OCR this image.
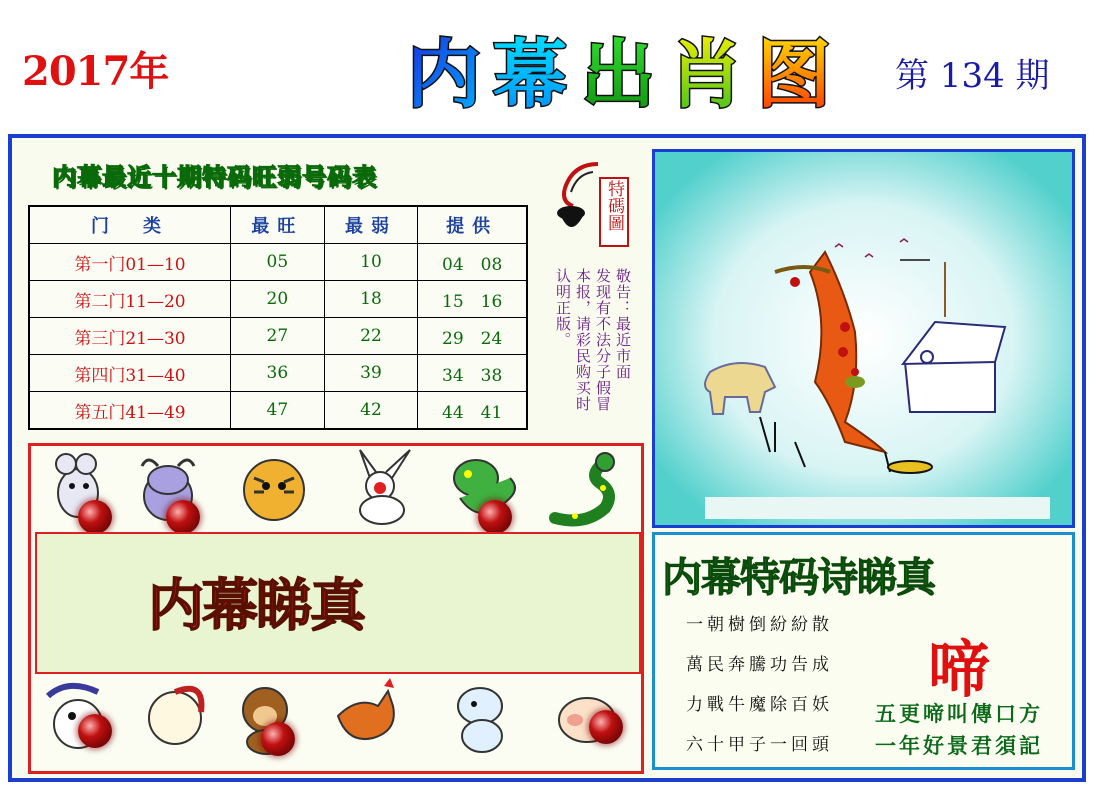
2017年	内 幕 出 肖 图 第 134 期
内幕最近十期特码旺弱号码表
门　类	最旺	最弱	提供
第一门01—10	05	10	04　08
第二门11—20	20	18	15　16
第三门21—30	27	22	29　24
第四门31—40	36	39	34　38
第五门41—49	47	42	44　41
特碼圖
敬告：最近市面
发现有不法分子假冒
本报，请彩民购买时
认明正版。
内幕睇真	内幕特码诗睇真
一朝樹倒紛紛散
萬民奔騰功告成
力戰牛魔除百妖
六十甲子一回頭
啼
五更啼叫傳口方
一年好景君須記
